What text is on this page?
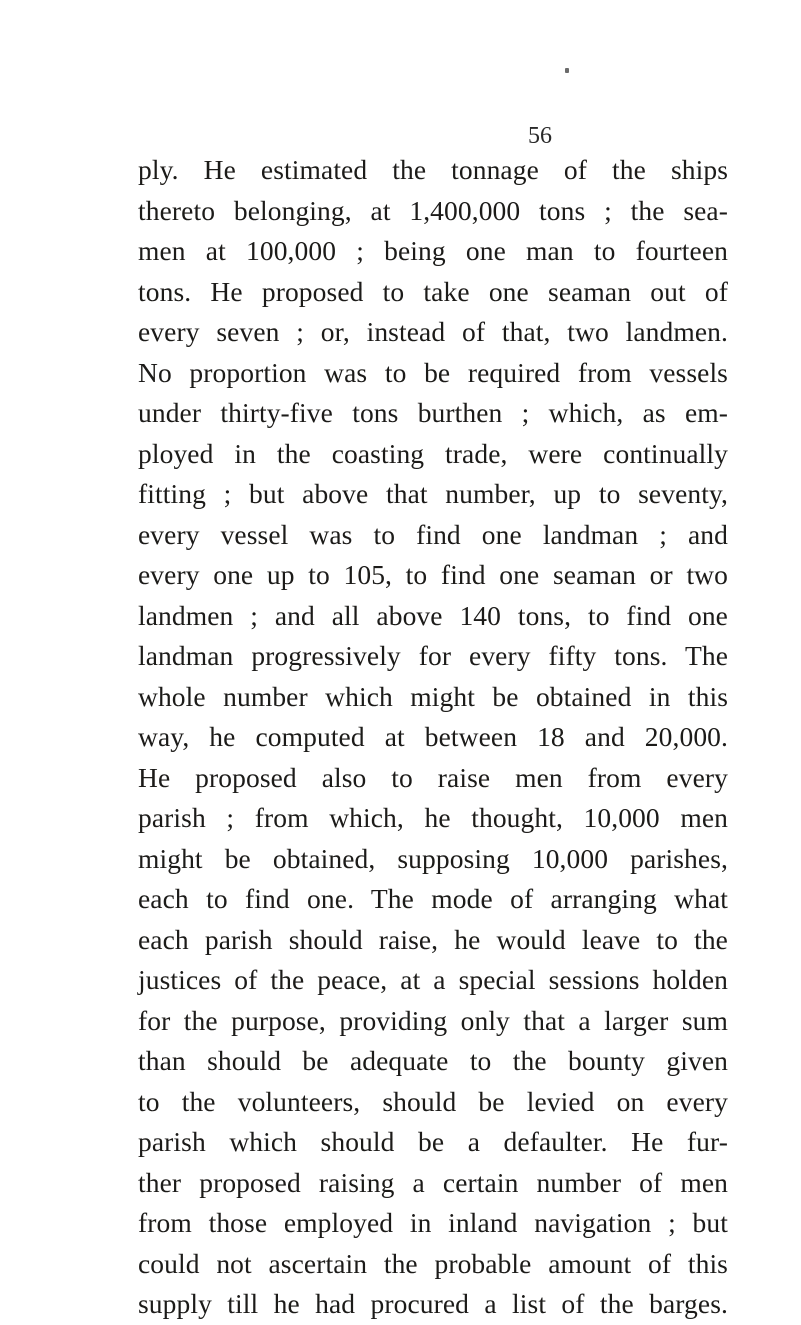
56
ply. He estimated the tonnage of the ships
thereto belonging, at 1,400,000 tons ; the sea-
men at 100,000 ; being one man to fourteen
tons. He proposed to take one seaman out of
every seven ; or, instead of that, two landmen.
No proportion was to be required from vessels
under thirty-five tons burthen ; which, as em-
ployed in the coasting trade, were continually
fitting ; but above that number, up to seventy,
every vessel was to find one landman ; and
every one up to 105, to find one seaman or two
landmen ; and all above 140 tons, to find one
landman progressively for every fifty tons. The
whole number which might be obtained in this
way, he computed at between 18 and 20,000.
He proposed also to raise men from every
parish ; from which, he thought, 10,000 men
might be obtained, supposing 10,000 parishes,
each to find one. The mode of arranging what
each parish should raise, he would leave to the
justices of the peace, at a special sessions holden
for the purpose, providing only that a larger sum
than should be adequate to the bounty given
to the volunteers, should be levied on every
parish which should be a defaulter. He fur-
ther proposed raising a certain number of men
from those employed in inland navigation ; but
could not ascertain the probable amount of this
supply till he had procured a list of the barges.
